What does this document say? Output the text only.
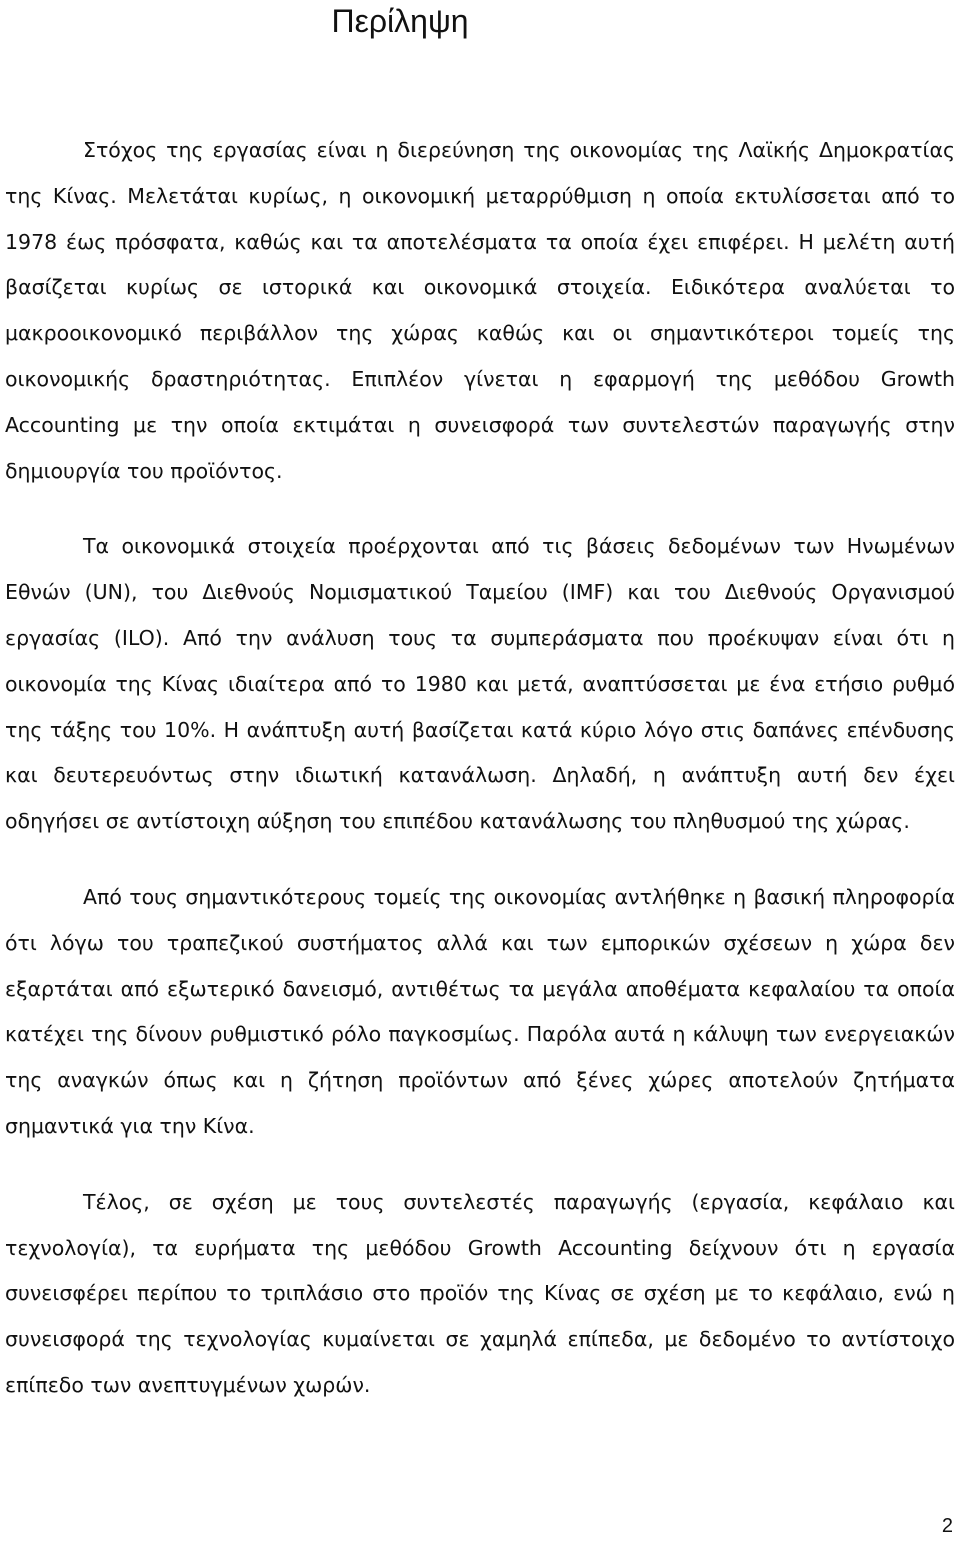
Περίληψη

Στόχος της εργασίας είναι η διερεύνηση της οικονομίας της Λαϊκής Δημοκρατίας της Κίνας. Μελετάται κυρίως, η οικονομική μεταρρύθμιση η οποία εκτυλίσσεται από το 1978 έως πρόσφατα, καθώς και τα αποτελέσματα τα οποία έχει επιφέρει. Η μελέτη αυτή βασίζεται κυρίως σε ιστορικά και οικονομικά στοιχεία. Ειδικότερα αναλύεται το μακροοικονομικό περιβάλλον της χώρας καθώς και οι σημαντικότεροι τομείς της οικονομικής δραστηριότητας. Επιπλέον γίνεται η εφαρμογή της μεθόδου Growth Accounting με την οποία εκτιμάται η συνεισφορά των συντελεστών παραγωγής στην δημιουργία του προϊόντος.

Τα οικονομικά στοιχεία προέρχονται από τις βάσεις δεδομένων των Ηνωμένων Εθνών (UN), του Διεθνούς Νομισματικού Ταμείου (IMF) και του Διεθνούς Οργανισμού εργασίας (ILO). Από την ανάλυση τους τα συμπεράσματα που προέκυψαν είναι ότι η οικονομία της Κίνας ιδιαίτερα από το 1980 και μετά, αναπτύσσεται με ένα ετήσιο ρυθμό της τάξης του 10%. Η ανάπτυξη αυτή βασίζεται κατά κύριο λόγο στις δαπάνες επένδυσης και δευτερευόντως στην ιδιωτική κατανάλωση. Δηλαδή, η ανάπτυξη αυτή δεν έχει οδηγήσει σε αντίστοιχη αύξηση του επιπέδου κατανάλωσης του πληθυσμού της χώρας.

Από τους σημαντικότερους τομείς της οικονομίας αντλήθηκε η βασική πληροφορία ότι λόγω του τραπεζικού συστήματος αλλά και των εμπορικών σχέσεων η χώρα δεν εξαρτάται από εξωτερικό δανεισμό, αντιθέτως τα μεγάλα αποθέματα κεφαλαίου τα οποία κατέχει της δίνουν ρυθμιστικό ρόλο παγκοσμίως. Παρόλα αυτά η κάλυψη των ενεργειακών της αναγκών όπως και η ζήτηση προϊόντων από ξένες χώρες αποτελούν ζητήματα σημαντικά για την Κίνα.

Τέλος, σε σχέση με τους συντελεστές παραγωγής (εργασία, κεφάλαιο και τεχνολογία), τα ευρήματα της μεθόδου Growth Accounting δείχνουν ότι η εργασία συνεισφέρει περίπου το τριπλάσιο στο προϊόν της Κίνας σε σχέση με το κεφάλαιο, ενώ η συνεισφορά της τεχνολογίας κυμαίνεται σε χαμηλά επίπεδα, με δεδομένο το αντίστοιχο επίπεδο των ανεπτυγμένων χωρών.

2
